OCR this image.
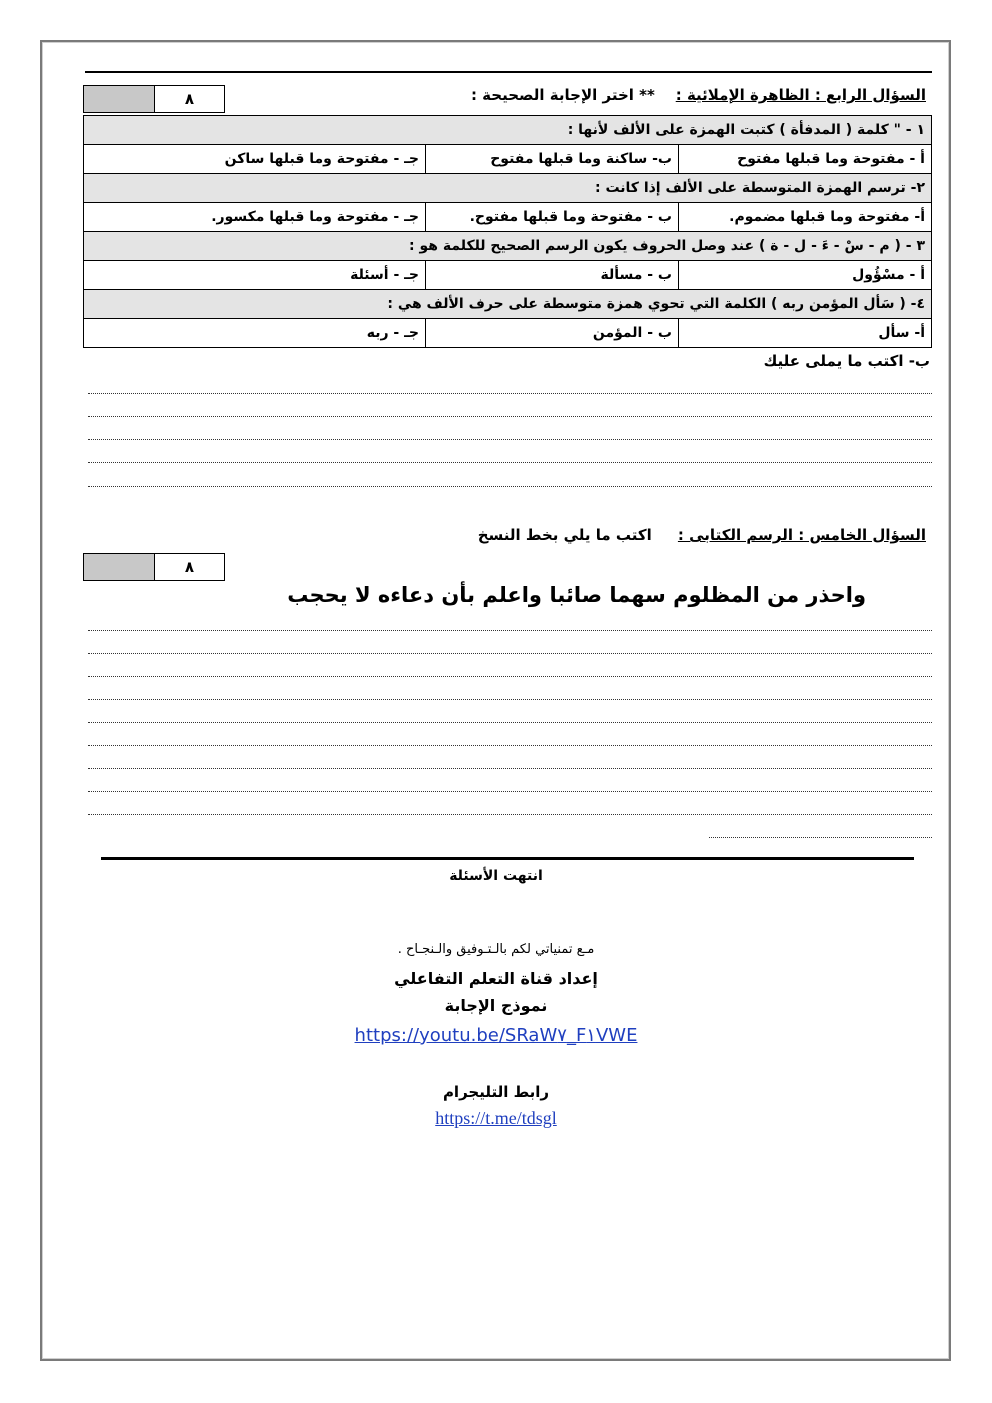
السؤال الرابع : الظاهرة الإملائية :    ** اختر الإجابة الصحيحة :
٨
١ - " كلمة ( المدفأة ) كتبت الهمزة على الألف لأنها :		
أ - مفتوحة وما قبلها مفتوح	ب- ساكنة وما قبلها مفتوح	جـ - مفتوحة وما قبلها ساكن
٢- ترسم الهمزة المتوسطة على الألف إذا كانت :		
أ- مفتوحة وما قبلها مضموم.	ب - مفتوحة وما قبلها مفتوح.	جـ - مفتوحة وما قبلها مكسور.
٣ - ( م - سْ - ءَ - ل - ة ) عند وصل الحروف يكون الرسم الصحيح للكلمة هو :		
أ - مسْؤُول	ب - مسألة	جـ - أسئلة
٤- ( سَأل المؤمن ربه ) الكلمة التي تحوي همزة متوسطة على حرف الألف هي :		
أ- سأل	ب - المؤمن	جـ - ربه
ب- اكتب ما يملى عليك
السؤال الخامس : الرسم الكتابى :     اكتب ما يلي بخط النسخ
٨
واحذر من المظلوم سهما صائبا
واعلم بأن دعاءه لا يحجب
انتهت الأسئلة
مـع تمنياتي لكم بالـتـوفيق والـنجـاح .
إعداد قناة التعلم التفاعلي
نموذج الإجابة
https://youtu.be/SRaW٧_F١VWE
رابط التليجرام
https://t.me/tdsgl
